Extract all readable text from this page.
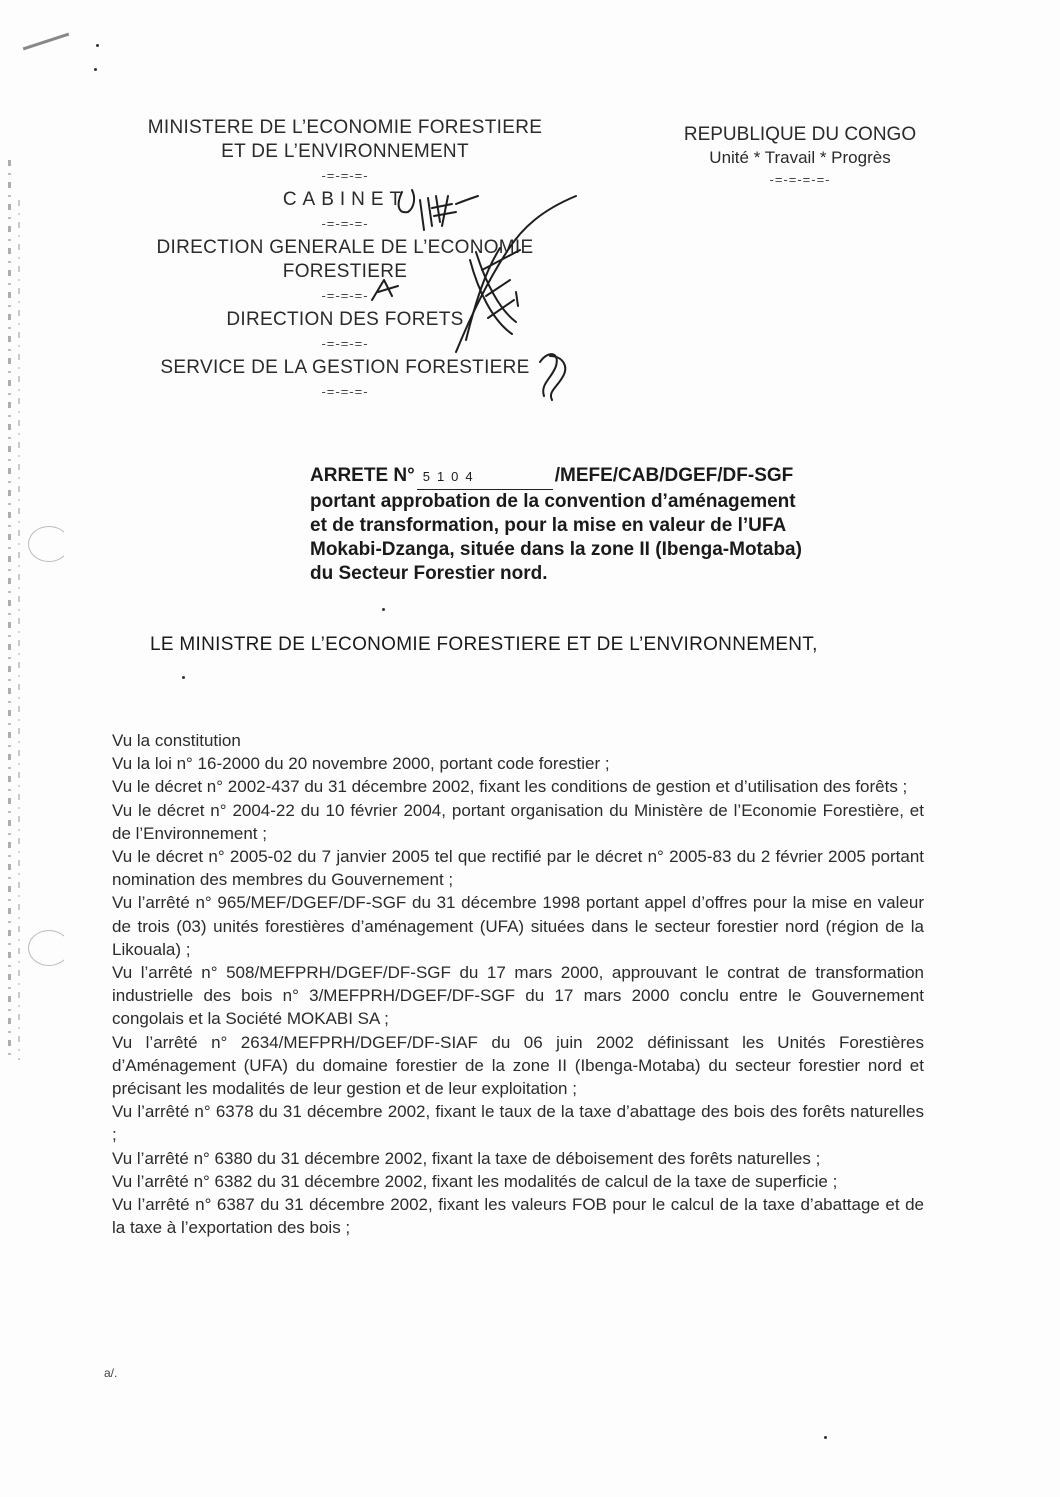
MINISTERE DE L’ECONOMIE FORESTIERE
ET DE L’ENVIRONNEMENT
-=-=-=-
CABINET
-=-=-=-
DIRECTION GENERALE DE L’ECONOMIE
FORESTIERE
-=-=-=-
DIRECTION DES FORETS
-=-=-=-
SERVICE DE LA GESTION FORESTIERE
-=-=-=-
REPUBLIQUE DU CONGO
Unité * Travail * Progrès
-=-=-=-=-
ARRETE N° 5104	/MEFE/CAB/DGEF/DF-SGF
portant approbation de la convention d’aménagement
et de transformation, pour la mise en valeur de l’UFA
Mokabi-Dzanga, située dans la zone II (Ibenga-Motaba)
du Secteur Forestier nord.
LE MINISTRE DE L’ECONOMIE FORESTIERE ET DE L’ENVIRONNEMENT,

Vu la constitution

Vu la loi n° 16-2000 du 20 novembre 2000, portant code forestier ;

Vu le décret n° 2002-437 du 31 décembre 2002, fixant les conditions de gestion et d’utilisation des forêts ;

Vu le décret n° 2004-22 du 10 février 2004, portant organisation du Ministère de l’Economie Forestière, et de l’Environnement ;

Vu le décret n° 2005-02 du 7 janvier 2005 tel que rectifié par le décret n° 2005-83 du 2 février 2005 portant nomination des membres du Gouvernement ;

Vu l’arrêté n° 965/MEF/DGEF/DF-SGF du 31 décembre 1998 portant appel d’offres pour la mise en valeur de trois (03) unités forestières d’aménagement (UFA) situées dans le secteur forestier nord (région de la Likouala) ;

Vu l’arrêté n° 508/MEFPRH/DGEF/DF-SGF du 17 mars 2000, approuvant le contrat de transformation industrielle des bois n° 3/MEFPRH/DGEF/DF-SGF du 17 mars 2000 conclu entre le Gouvernement congolais et la Société MOKABI SA ;

Vu l’arrêté n° 2634/MEFPRH/DGEF/DF-SIAF du 06 juin 2002 définissant les Unités Forestières d’Aménagement (UFA) du domaine forestier de la zone II (Ibenga-Motaba) du secteur forestier nord et précisant les modalités de leur gestion et de leur exploitation ;

Vu l’arrêté n° 6378 du 31 décembre 2002, fixant le taux de la taxe d’abattage des bois des forêts naturelles ;

Vu l’arrêté n° 6380 du 31 décembre 2002, fixant la taxe de déboisement des forêts naturelles ;

Vu l’arrêté n° 6382 du 31 décembre 2002, fixant les modalités de calcul de la taxe de superficie ;

Vu l’arrêté n° 6387 du 31 décembre 2002, fixant les valeurs FOB pour le calcul de la taxe d’abattage et de la taxe à l’exportation des bois ;

a/.
